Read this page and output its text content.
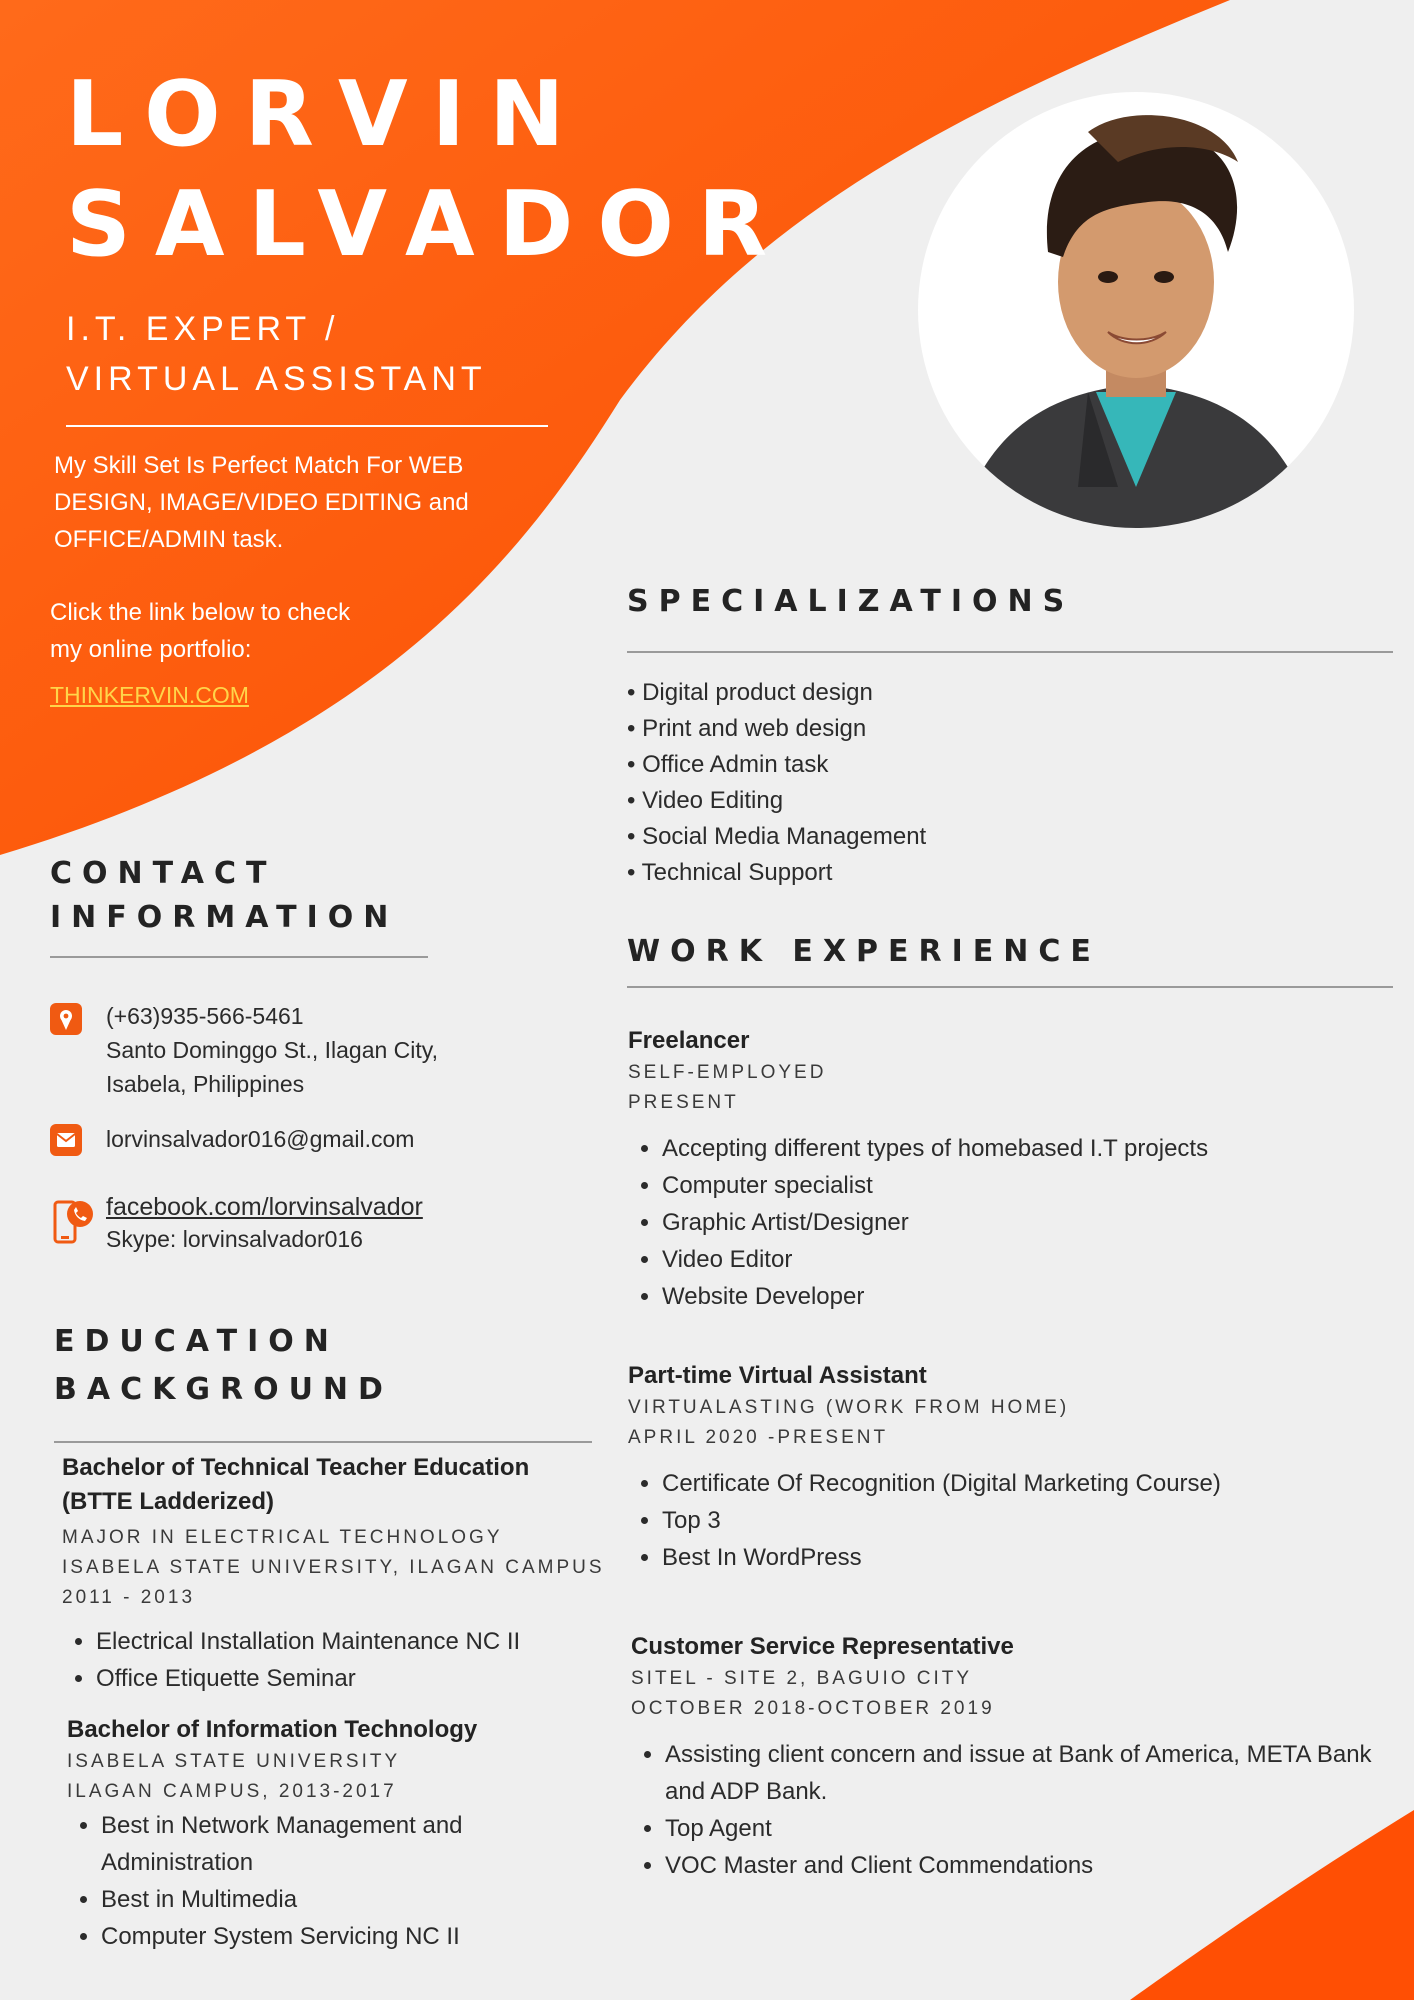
LORVIN
SALVADOR
I.T. EXPERT /
VIRTUAL ASSISTANT
My Skill Set Is Perfect Match For WEB
DESIGN, IMAGE/VIDEO EDITING and
OFFICE/ADMIN task.
Click the link below to check
my online portfolio:
THINKERVIN.COM
SPECIALIZATIONS
• Digital product design
• Print and web design
• Office Admin task
• Video Editing
• Social Media Management
• Technical Support
CONTACT
INFORMATION
(+63)935-566-5461
Santo Dominggo St., Ilagan City,
Isabela, Philippines
lorvinsalvador016@gmail.com
facebook.com/lorvinsalvador
Skype: lorvinsalvador016
WORK EXPERIENCE
Freelancer
SELF-EMPLOYED
PRESENT
• Accepting different types of homebased I.T projects
• Computer specialist
• Graphic Artist/Designer
• Video Editor
• Website Developer
Part-time Virtual Assistant
VIRTUALASTING (WORK FROM HOME)
APRIL 2020 -PRESENT
• Certificate Of Recognition (Digital Marketing Course)
• Top 3
• Best In WordPress
Customer Service Representative
SITEL - SITE 2, BAGUIO CITY
OCTOBER 2018-OCTOBER 2019
• Assisting client concern and issue at Bank of America, META Bank and ADP Bank.
• Top Agent
• VOC Master and Client Commendations
EDUCATION
BACKGROUND
Bachelor of Technical Teacher Education
(BTTE Ladderized)
MAJOR IN ELECTRICAL TECHNOLOGY
ISABELA STATE UNIVERSITY, ILAGAN CAMPUS
2011 - 2013
• Electrical Installation Maintenance NC II
• Office Etiquette Seminar
Bachelor of Information Technology
ISABELA STATE UNIVERSITY
ILAGAN CAMPUS, 2013-2017
• Best in Network Management and Administration
• Best in Multimedia
• Computer System Servicing NC II
